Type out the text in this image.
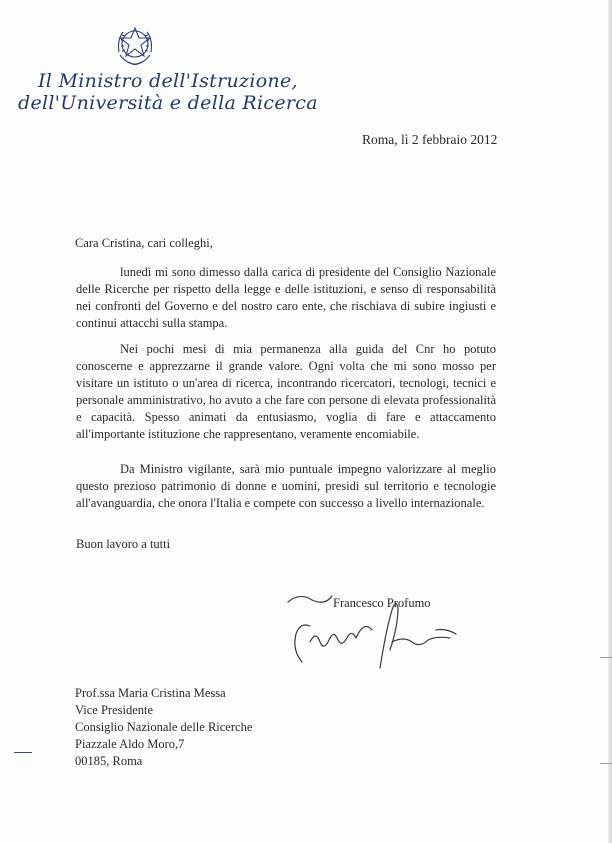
Il Ministro dell'Istruzione,
dell'Università e della Ricerca
Roma, lì 2 febbraio 2012
Cara Cristina, cari colleghi,
lunedì mi sono dimesso dalla carica di presidente del Consiglio Nazionale delle Ricerche per rispetto della legge e delle istituzioni, e senso di responsabilità nei confronti del Governo e del nostro caro ente, che rischiava di subire ingiusti e continui attacchi sulla stampa.
Nei pochi mesi di mia permanenza alla guida del Cnr ho potuto conoscerne e apprezzarne il grande valore. Ogni volta che mi sono mosso per visitare un istituto o un'area di ricerca, incontrando ricercatori, tecnologi, tecnici e personale amministrativo, ho avuto a che fare con persone di elevata professionalità e capacità. Spesso animati da entusiasmo, voglia di fare e attaccamento all'importante istituzione che rappresentano, veramente encomiabile.
Da Ministro vigilante, sarà mio puntuale impegno valorizzare al meglio questo prezioso patrimonio di donne e uomini, presidi sul territorio e tecnologie all'avanguardia, che onora l'Italia e compete con successo a livello internazionale.
Buon lavoro a tutti
Francesco Profumo
Prof.ssa Maria Cristina Messa
Vice Presidente
Consiglio Nazionale delle Ricerche
Piazzale Aldo Moro,7
00185, Roma
